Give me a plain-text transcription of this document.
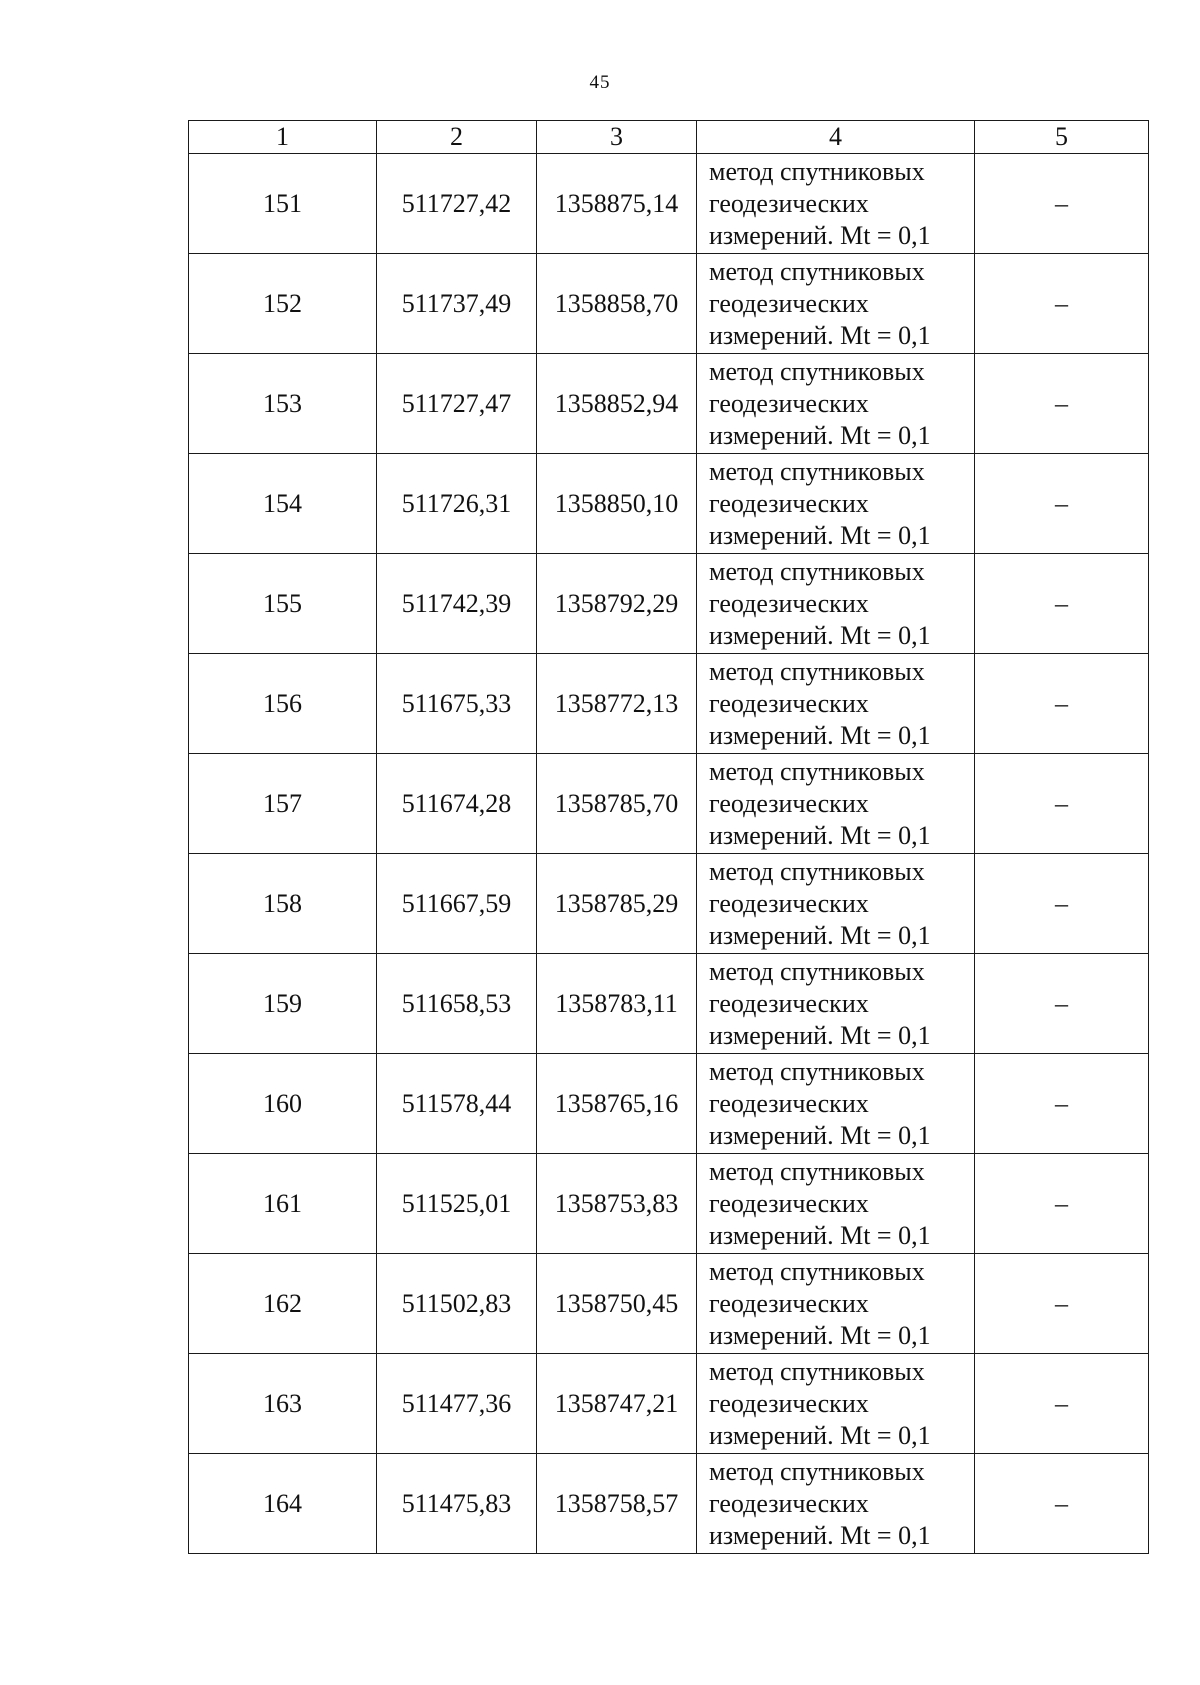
45
1	2	3	4	5
151	511727,42	1358875,14	метод спутниковых
геодезических
измерений. Mt = 0,1	–
152	511737,49	1358858,70	метод спутниковых
геодезических
измерений. Mt = 0,1	–
153	511727,47	1358852,94	метод спутниковых
геодезических
измерений. Mt = 0,1	–
154	511726,31	1358850,10	метод спутниковых
геодезических
измерений. Mt = 0,1	–
155	511742,39	1358792,29	метод спутниковых
геодезических
измерений. Mt = 0,1	–
156	511675,33	1358772,13	метод спутниковых
геодезических
измерений. Mt = 0,1	–
157	511674,28	1358785,70	метод спутниковых
геодезических
измерений. Mt = 0,1	–
158	511667,59	1358785,29	метод спутниковых
геодезических
измерений. Mt = 0,1	–
159	511658,53	1358783,11	метод спутниковых
геодезических
измерений. Mt = 0,1	–
160	511578,44	1358765,16	метод спутниковых
геодезических
измерений. Mt = 0,1	–
161	511525,01	1358753,83	метод спутниковых
геодезических
измерений. Mt = 0,1	–
162	511502,83	1358750,45	метод спутниковых
геодезических
измерений. Mt = 0,1	–
163	511477,36	1358747,21	метод спутниковых
геодезических
измерений. Mt = 0,1	–
164	511475,83	1358758,57	метод спутниковых
геодезических
измерений. Mt = 0,1	–
